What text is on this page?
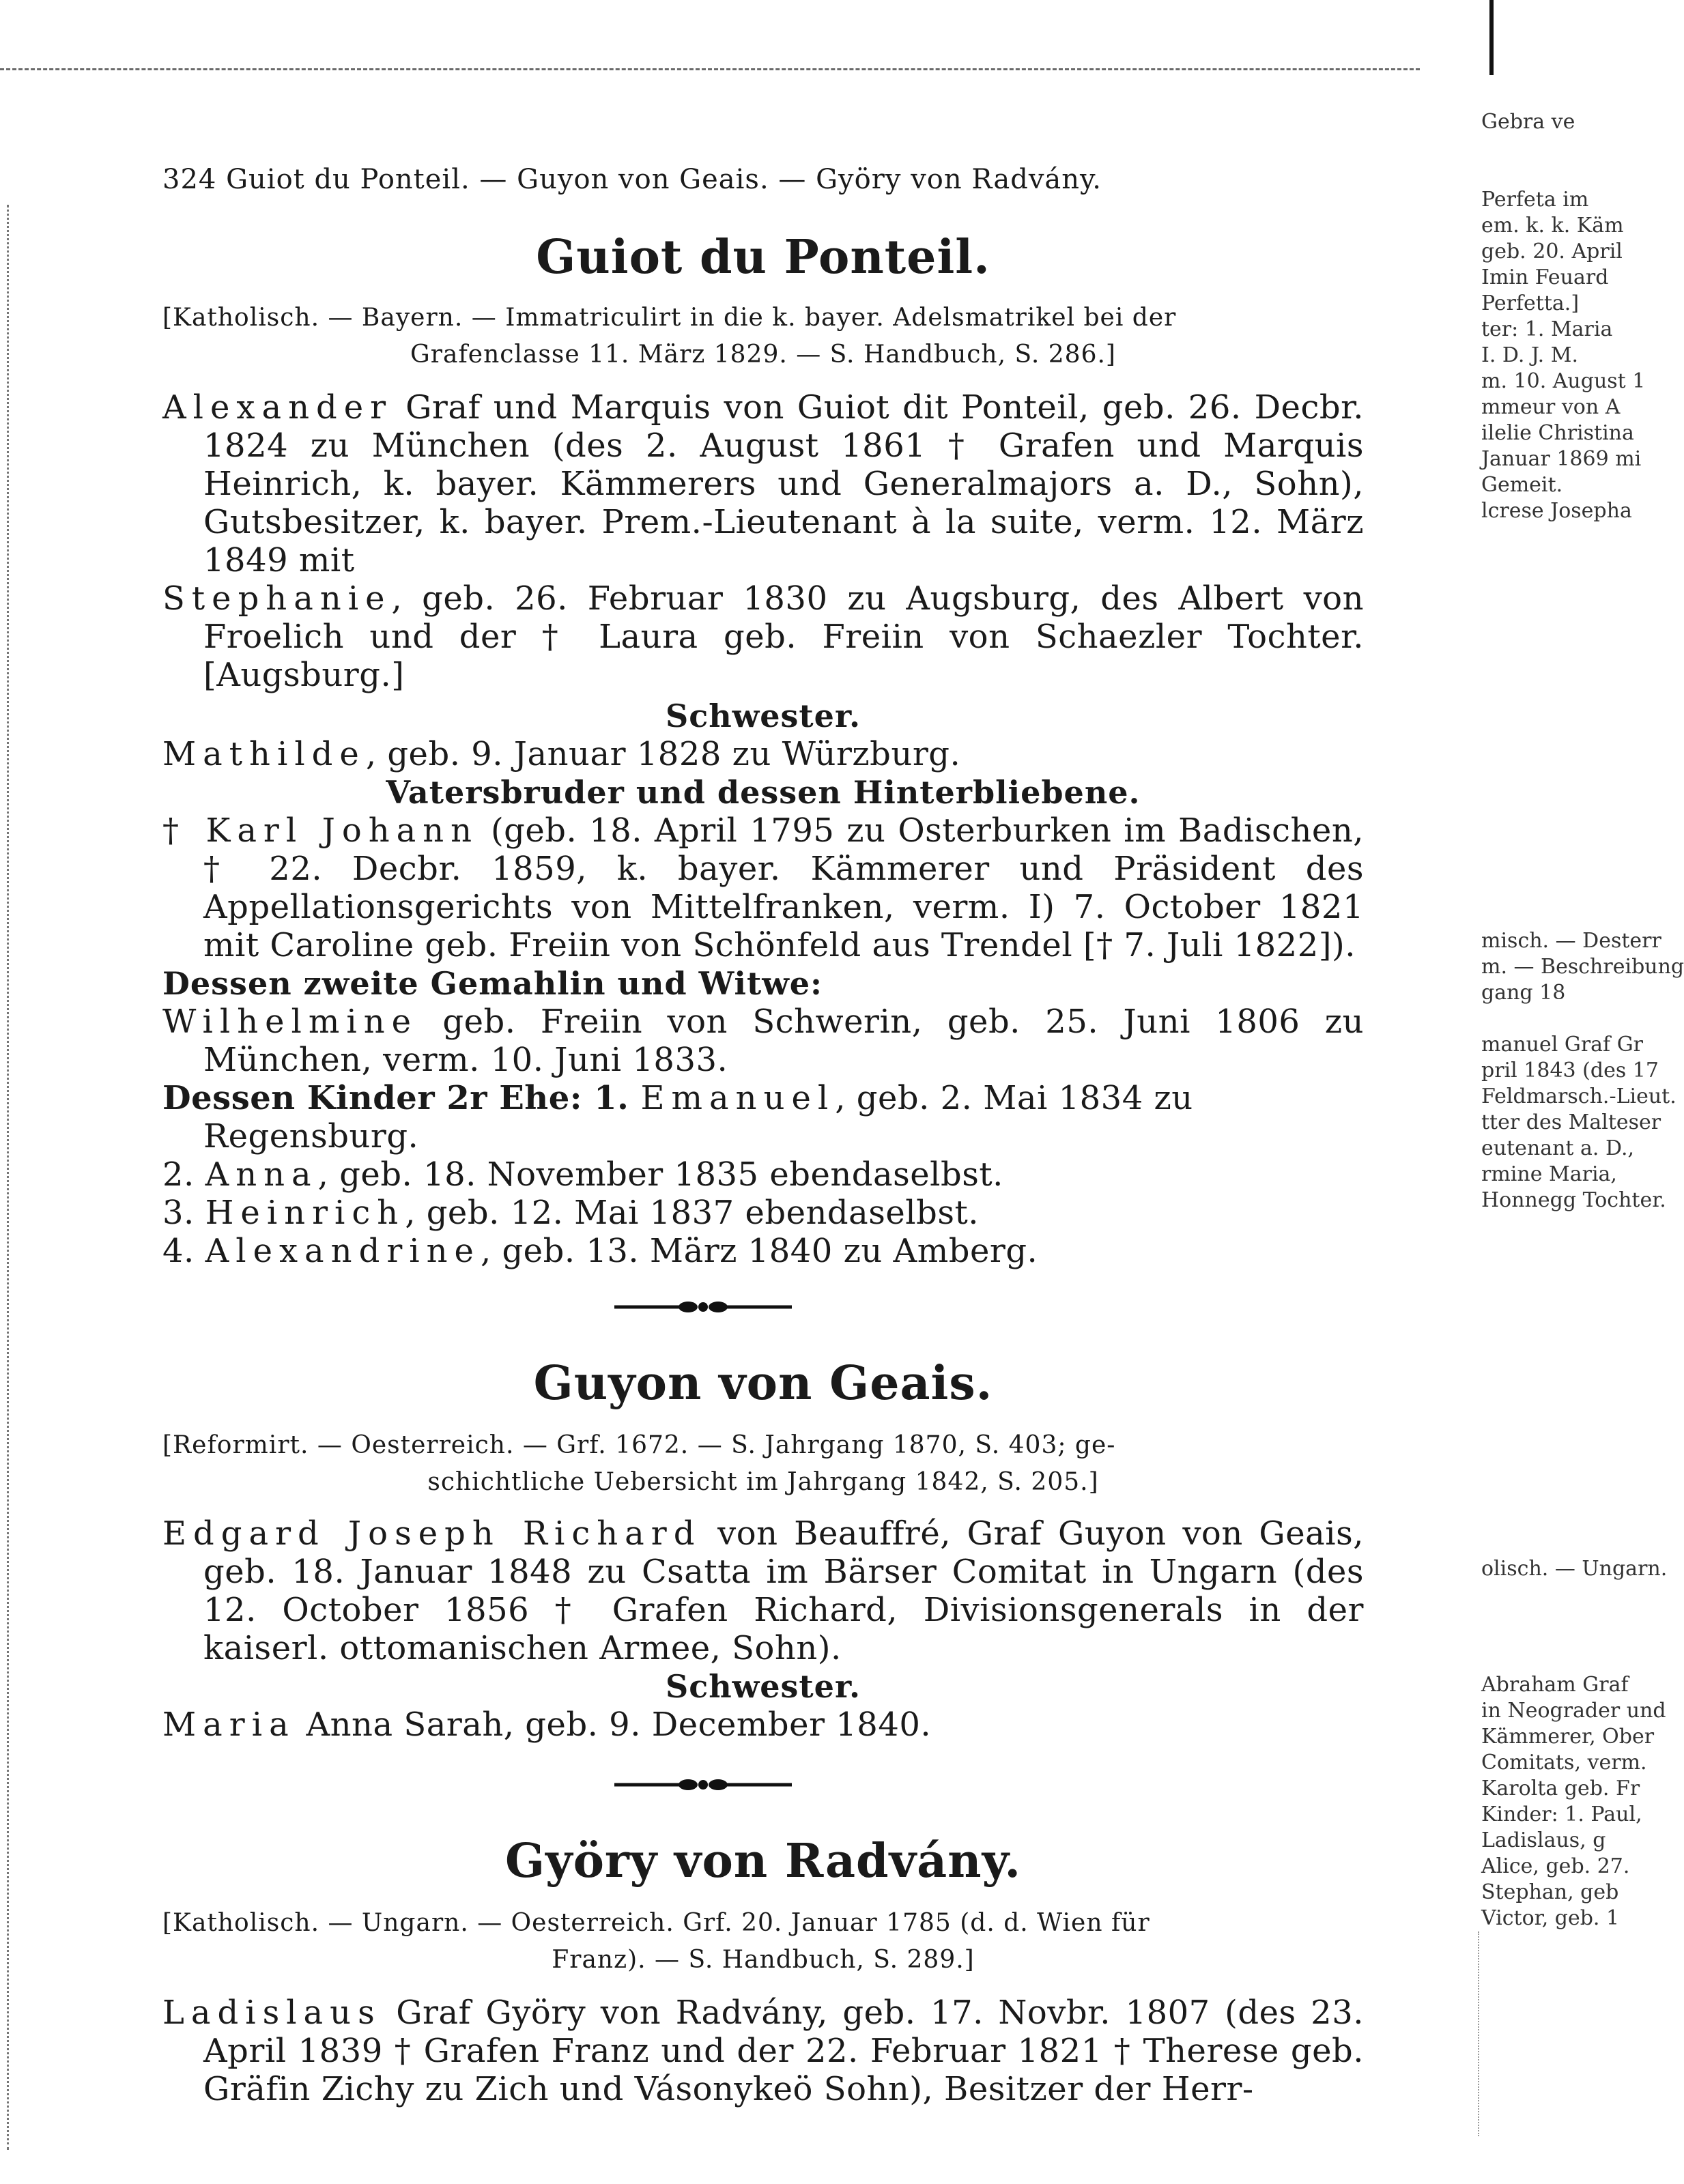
324 Guiot du Ponteil. — Guyon von Geais. — Györy von Radvány.
Guiot du Ponteil.

[Katholisch. — Bayern. — Immatriculirt in die k. bayer. Adelsmatrikel bei der

Grafenclasse 11. März 1829. — S. Handbuch, S. 286.]

Alexander Graf und Marquis von Guiot dit Ponteil, geb. 26. Decbr. 1824 zu München (des 2. August 1861 † Grafen und Marquis Heinrich, k. bayer. Kämmerers und Generalmajors a. D., Sohn), Gutsbesitzer, k. bayer. Prem.-Lieutenant à la suite, verm. 12. März 1849 mit

Stephanie, geb. 26. Februar 1830 zu Augsburg, des Albert von Froelich und der † Laura geb. Freiin von Schaezler Tochter. [Augsburg.]

Schwester.

Mathilde, geb. 9. Januar 1828 zu Würzburg.

Vatersbruder und dessen Hinterbliebene.

† Karl Johann (geb. 18. April 1795 zu Osterburken im Badischen, † 22. Decbr. 1859, k. bayer. Kämmerer und Präsident des Appellationsgerichts von Mittelfranken, verm. I) 7. October 1821 mit Caroline geb. Freiin von Schönfeld aus Trendel [† 7. Juli 1822]).

Dessen zweite Gemahlin und Witwe:

Wilhelmine geb. Freiin von Schwerin, geb. 25. Juni 1806 zu München, verm. 10. Juni 1833.

Dessen Kinder 2r Ehe: 1. Emanuel, geb. 2. Mai 1834 zu Regensburg.

2. Anna, geb. 18. November 1835 ebendaselbst.

3. Heinrich, geb. 12. Mai 1837 ebendaselbst.

4. Alexandrine, geb. 13. März 1840 zu Amberg.

Guyon von Geais.

[Reformirt. — Oesterreich. — Grf. 1672. — S. Jahrgang 1870, S. 403; ge-

schichtliche Uebersicht im Jahrgang 1842, S. 205.]

Edgard Joseph Richard von Beauffré, Graf Guyon von Geais, geb. 18. Januar 1848 zu Csatta im Bärser Comitat in Ungarn (des 12. October 1856 † Grafen Richard, Divisionsgenerals in der kaiserl. ottomanischen Armee, Sohn).

Schwester.

Maria Anna Sarah, geb. 9. December 1840.

Györy von Radvány.

[Katholisch. — Ungarn. — Oesterreich. Grf. 20. Januar 1785 (d. d. Wien für

Franz). — S. Handbuch, S. 289.]

Ladislaus Graf Györy von Radvány, geb. 17. Novbr. 1807 (des 23. April 1839 † Grafen Franz und der 22. Februar 1821 † Therese geb. Gräfin Zichy zu Zich und Vásonykeö Sohn), Besitzer der Herr-

Gebra ve

Perfeta im
em. k. k. Käm
geb. 20. April
Imin Feuard
Perfetta.]
ter: 1. Maria
I. D. J. M.
m. 10. August 1
mmeur von A
ilelie Christina
Januar 1869 mi
Gemeit.
lcrese Josepha
misch. — Desterr
m. — Beschreibung
gang 18

manuel Graf Gr
pril 1843 (des 17
Feldmarsch.-Lieut.
tter des Malteser
eutenant a. D.,
rmine Maria,
Honnegg Tochter.
olisch. — Ungarn.
Abraham Graf
in Neograder und
Kämmerer, Ober
Comitats, verm.
Karolta geb. Fr
Kinder: 1. Paul,
Ladislaus, g
Alice, geb. 27.
Stephan, geb
Victor, geb. 1
